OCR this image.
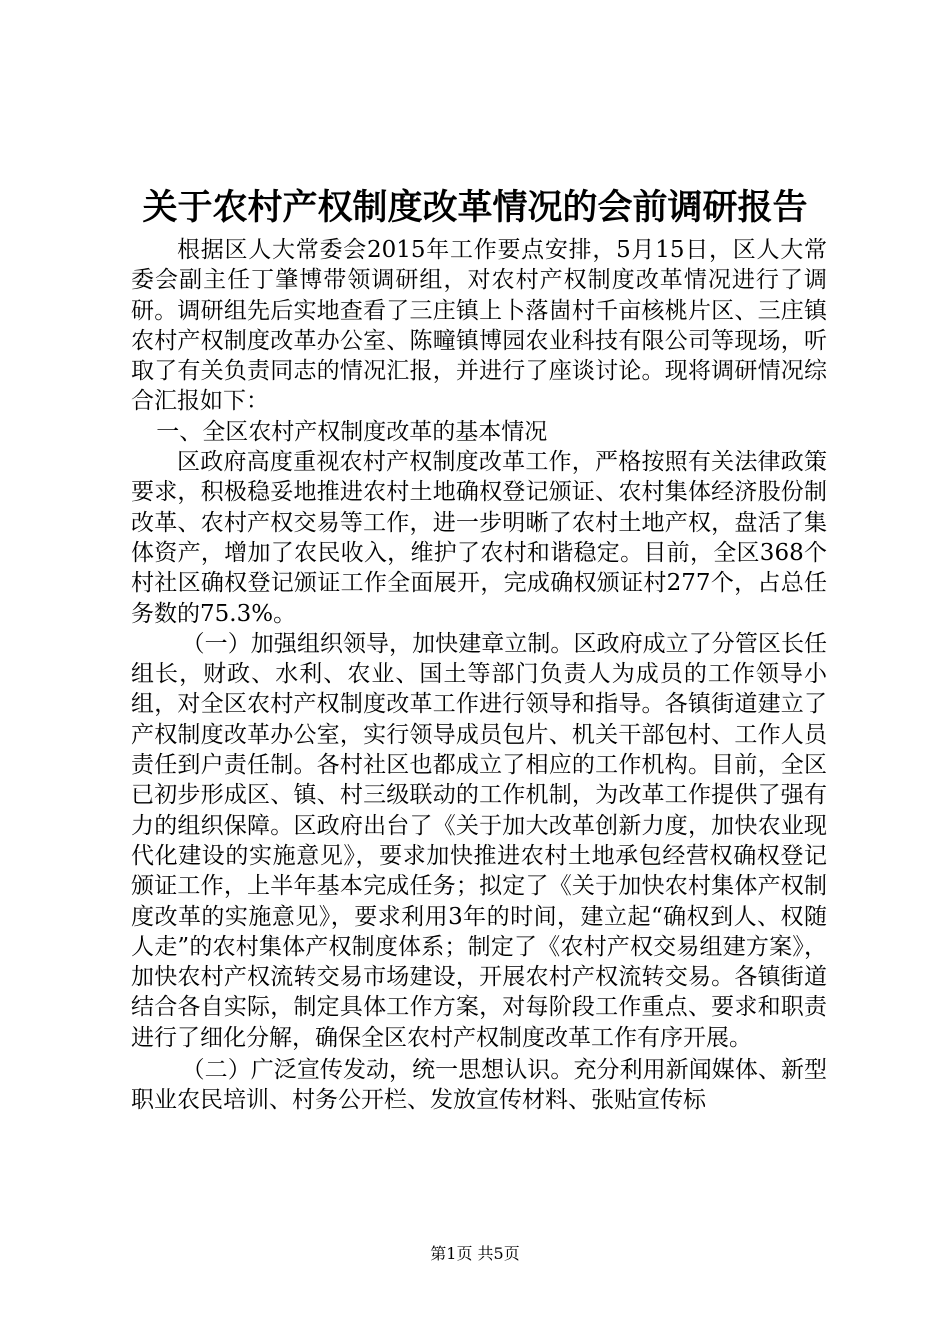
关于农村产权制度改革情况的会前调研报告

根据区人大常委会2015年工作要点安排，5月15日，区人大常委会副主任丁肇博带领调研组，对农村产权制度改革情况进行了调研。调研组先后实地查看了三庄镇上卜落崮村千亩核桃片区、三庄镇农村产权制度改革办公室、陈疃镇博园农业科技有限公司等现场，听取了有关负责同志的情况汇报，并进行了座谈讨论。现将调研情况综合汇报如下：

一、全区农村产权制度改革的基本情况

区政府高度重视农村产权制度改革工作，严格按照有关法律政策要求，积极稳妥地推进农村土地确权登记颁证、农村集体经济股份制改革、农村产权交易等工作，进一步明晰了农村土地产权，盘活了集体资产，增加了农民收入，维护了农村和谐稳定。目前，全区368个村社区确权登记颁证工作全面展开，完成确权颁证村277个，占总任务数的75.3%。

（一）加强组织领导，加快建章立制。区政府成立了分管区长任组长，财政、水利、农业、国土等部门负责人为成员的工作领导小组，对全区农村产权制度改革工作进行领导和指导。各镇街道建立了产权制度改革办公室，实行领导成员包片、机关干部包村、工作人员责任到户责任制。各村社区也都成立了相应的工作机构。目前，全区已初步形成区、镇、村三级联动的工作机制，为改革工作提供了强有力的组织保障。区政府出台了《关于加大改革创新力度，加快农业现代化建设的实施意见》，要求加快推进农村土地承包经营权确权登记颁证工作，上半年基本完成任务；拟定了《关于加快农村集体产权制度改革的实施意见》，要求利用3年的时间，建立起“确权到人、权随人走”的农村集体产权制度体系；制定了《农村产权交易组建方案》，加快农村产权流转交易市场建设，开展农村产权流转交易。各镇街道结合各自实际，制定具体工作方案，对每阶段工作重点、要求和职责进行了细化分解，确保全区农村产权制度改革工作有序开展。

（二）广泛宣传发动，统一思想认识。充分利用新闻媒体、新型职业农民培训、村务公开栏、发放宣传材料、张贴宣传标

第1页 共5页
